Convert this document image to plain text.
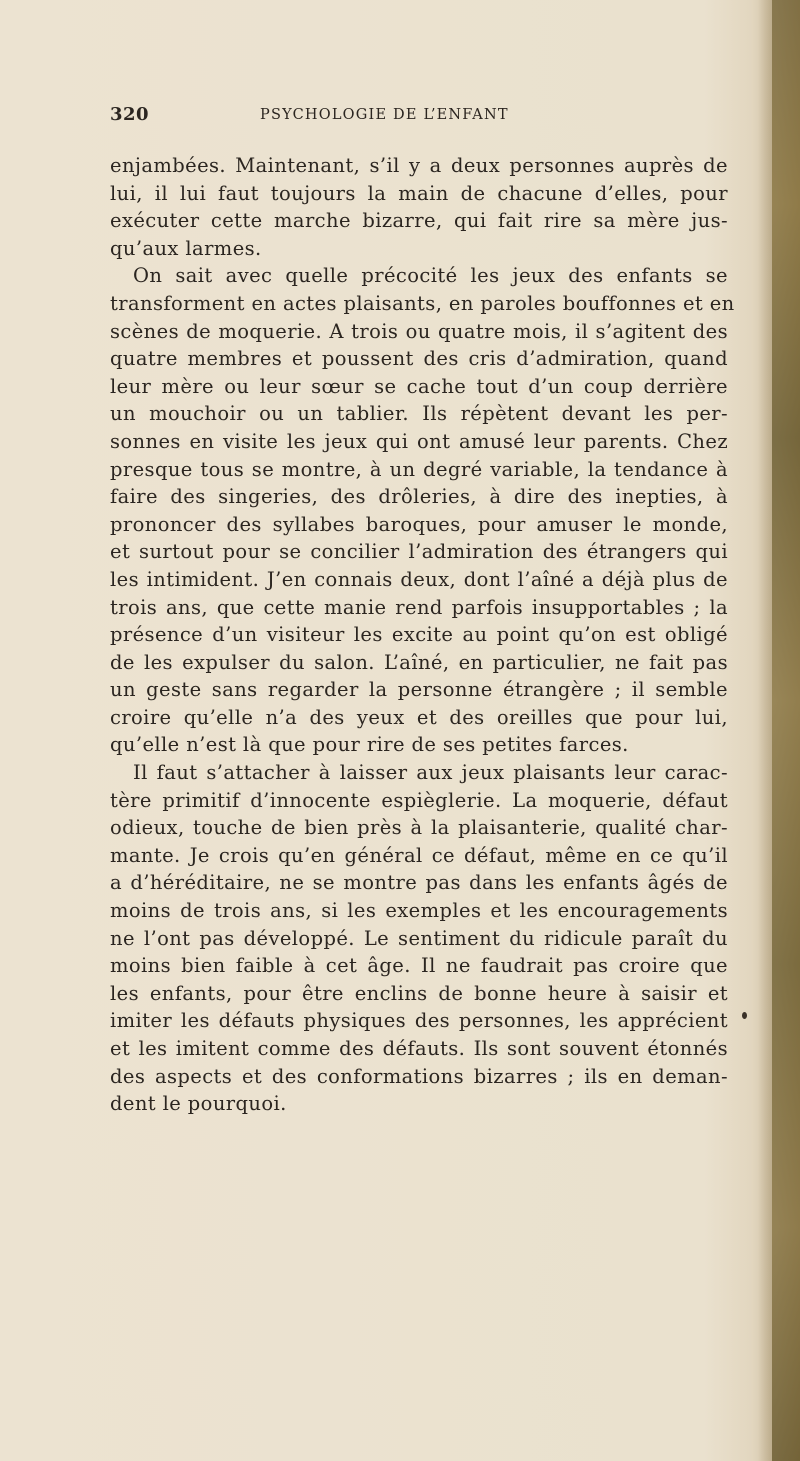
320	PSYCHOLOGIE DE L’ENFANT
enjambées. Maintenant, s’il y a deux personnes auprès de
lui, il lui faut toujours la main de chacune d’elles, pour
exécuter cette marche bizarre, qui fait rire sa mère jus-
qu’aux larmes.
On sait avec quelle précocité les jeux des enfants se
transforment en actes plaisants, en paroles bouffonnes et en
scènes de moquerie. A trois ou quatre mois, il s’agitent des
quatre membres et poussent des cris d’admiration, quand
leur mère ou leur sœur se cache tout d’un coup derrière
un mouchoir ou un tablier. Ils répètent devant les per-
sonnes en visite les jeux qui ont amusé leur parents. Chez
presque tous se montre, à un degré variable, la tendance à
faire des singeries, des drôleries, à dire des inepties, à
prononcer des syllabes baroques, pour amuser le monde,
et surtout pour se concilier l’admiration des étrangers qui
les intimident. J’en connais deux, dont l’aîné a déjà plus de
trois ans, que cette manie rend parfois insupportables ; la
présence d’un visiteur les excite au point qu’on est obligé
de les expulser du salon. L’aîné, en particulier, ne fait pas
un geste sans regarder la personne étrangère ; il semble
croire qu’elle n’a des yeux et des oreilles que pour lui,
qu’elle n’est là que pour rire de ses petites farces.
Il faut s’attacher à laisser aux jeux plaisants leur carac-
tère primitif d’innocente espièglerie. La moquerie, défaut
odieux, touche de bien près à la plaisanterie, qualité char-
mante. Je crois qu’en général ce défaut, même en ce qu’il
a d’héréditaire, ne se montre pas dans les enfants âgés de
moins de trois ans, si les exemples et les encouragements
ne l’ont pas développé. Le sentiment du ridicule paraît du
moins bien faible à cet âge. Il ne faudrait pas croire que
les enfants, pour être enclins de bonne heure à saisir et
imiter les défauts physiques des personnes, les apprécient
et les imitent comme des défauts. Ils sont souvent étonnés
des aspects et des conformations bizarres ; ils en deman-
dent le pourquoi.
